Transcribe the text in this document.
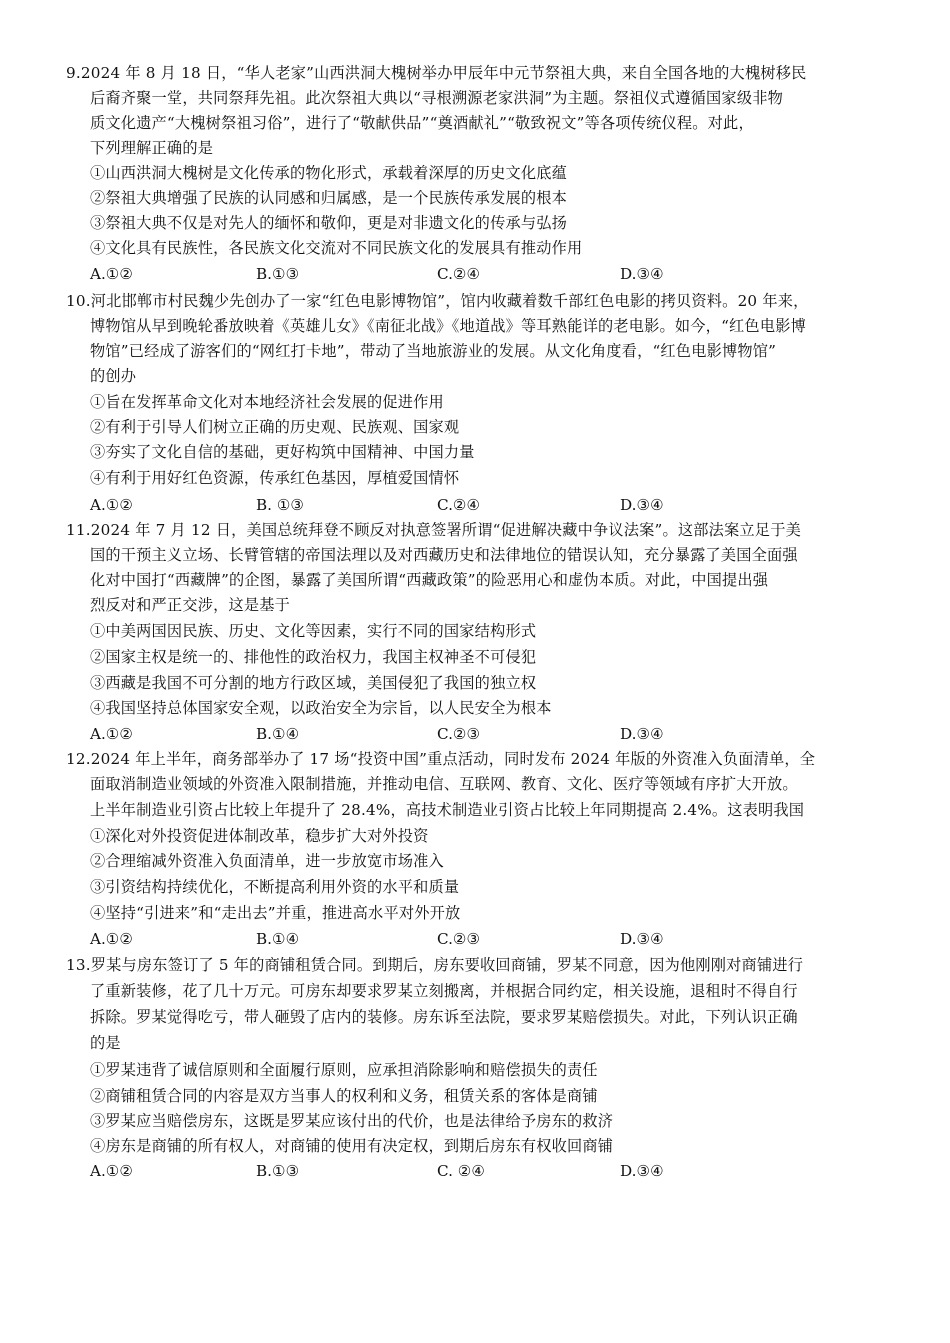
9.2024 年 8 月 18 日，“华人老家”山西洪洞大槐树举办甲辰年中元节祭祖大典，来自全国各地的大槐树移民
后裔齐聚一堂，共同祭拜先祖。此次祭祖大典以“寻根溯源老家洪洞”为主题。祭祖仪式遵循国家级非物
质文化遗产“大槐树祭祖习俗”，进行了“敬献供品”“奠酒献礼”“敬致祝文”等各项传统仪程。对此，
下列理解正确的是
①山西洪洞大槐树是文化传承的物化形式，承载着深厚的历史文化底蕴
②祭祖大典增强了民族的认同感和归属感，是一个民族传承发展的根本
③祭祖大典不仅是对先人的缅怀和敬仰，更是对非遗文化的传承与弘扬
④文化具有民族性，各民族文化交流对不同民族文化的发展具有推动作用
A.①②	B.①③	C.②④	D.③④
10.河北邯郸市村民魏少先创办了一家“红色电影博物馆”，馆内收藏着数千部红色电影的拷贝资料。20 年来，
博物馆从早到晚轮番放映着《英雄儿女》《南征北战》《地道战》等耳熟能详的老电影。如今，“红色电影博
物馆”已经成了游客们的“网红打卡地”，带动了当地旅游业的发展。从文化角度看，“红色电影博物馆”
的创办
①旨在发挥革命文化对本地经济社会发展的促进作用
②有利于引导人们树立正确的历史观、民族观、国家观
③夯实了文化自信的基础，更好构筑中国精神、中国力量
④有利于用好红色资源，传承红色基因，厚植爱国情怀
A.①②	B. ①③	C.②④	D.③④
11.2024 年 7 月 12 日，美国总统拜登不顾反对执意签署所谓“促进解决藏中争议法案”。这部法案立足于美
国的干预主义立场、长臂管辖的帝国法理以及对西藏历史和法律地位的错误认知，充分暴露了美国全面强
化对中国打“西藏牌”的企图，暴露了美国所谓“西藏政策”的险恶用心和虚伪本质。对此，中国提出强
烈反对和严正交涉，这是基于
①中美两国因民族、历史、文化等因素，实行不同的国家结构形式
②国家主权是统一的、排他性的政治权力，我国主权神圣不可侵犯
③西藏是我国不可分割的地方行政区域，美国侵犯了我国的独立权
④我国坚持总体国家安全观，以政治安全为宗旨，以人民安全为根本
A.①②	B.①④	C.②③	D.③④
12.2024 年上半年，商务部举办了 17 场“投资中国”重点活动，同时发布 2024 年版的外资准入负面清单，全
面取消制造业领域的外资准入限制措施，并推动电信、互联网、教育、文化、医疗等领域有序扩大开放。
上半年制造业引资占比较上年提升了 28.4%，高技术制造业引资占比较上年同期提高 2.4%。这表明我国
①深化对外投资促进体制改革，稳步扩大对外投资
②合理缩减外资准入负面清单，进一步放宽市场准入
③引资结构持续优化，不断提高利用外资的水平和质量
④坚持“引进来”和“走出去”并重，推进高水平对外开放
A.①②	B.①④	C.②③	D.③④
13.罗某与房东签订了 5 年的商铺租赁合同。到期后，房东要收回商铺，罗某不同意，因为他刚刚对商铺进行
了重新装修，花了几十万元。可房东却要求罗某立刻搬离，并根据合同约定，相关设施，退租时不得自行
拆除。罗某觉得吃亏，带人砸毁了店内的装修。房东诉至法院，要求罗某赔偿损失。对此，下列认识正确
的是
①罗某违背了诚信原则和全面履行原则，应承担消除影响和赔偿损失的责任
②商铺租赁合同的内容是双方当事人的权利和义务，租赁关系的客体是商铺
③罗某应当赔偿房东，这既是罗某应该付出的代价，也是法律给予房东的救济
④房东是商铺的所有权人，对商铺的使用有决定权，到期后房东有权收回商铺
A.①②	B.①③	C. ②④	D.③④
